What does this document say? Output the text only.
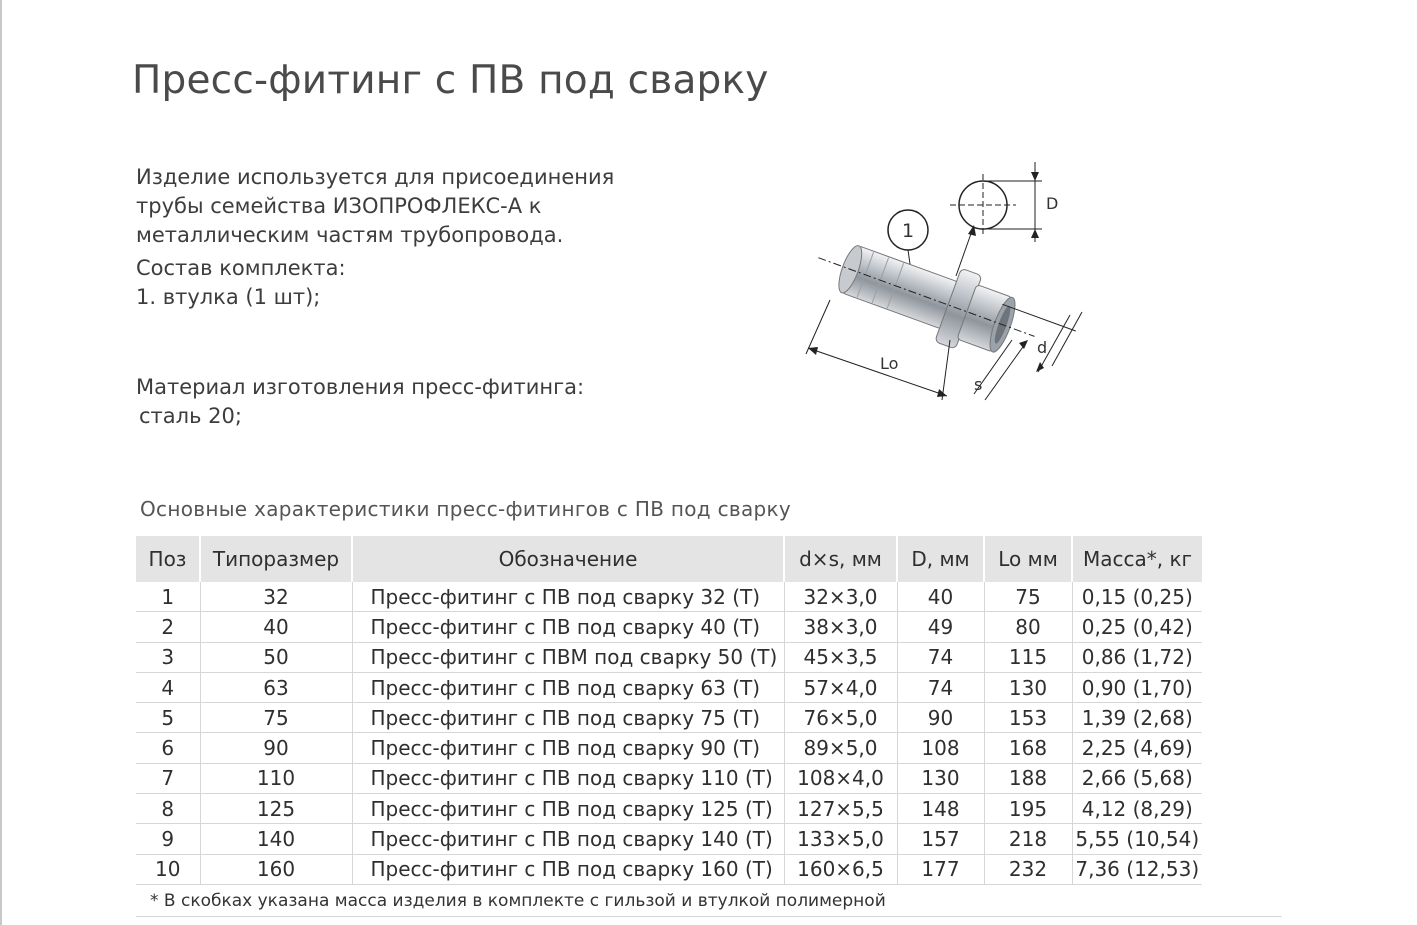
Пресс-фитинг с ПВ под сварку
Изделие используется для присоединения
трубы семейства ИЗОПРОФЛЕКС-А к
металлическим частям трубопровода.
Состав комплекта:
1. втулка (1 шт);
Материал изготовления пресс-фитинга:
сталь 20;
D
1
Lo
d
s
Основные характеристики пресс-фитингов с ПВ под сварку
Поз	Типоразмер	Обозначение	d×s, мм	D, мм	Lo мм	Масса*, кг
1	32	Пресс-фитинг с ПВ под сварку 32 (Т)	32×3,0	40	75	0,15 (0,25)
2	40	Пресс-фитинг с ПВ под сварку 40 (Т)	38×3,0	49	80	0,25 (0,42)
3	50	Пресс-фитинг с ПВМ под сварку 50 (Т)	45×3,5	74	115	0,86 (1,72)
4	63	Пресс-фитинг с ПВ под сварку 63 (Т)	57×4,0	74	130	0,90 (1,70)
5	75	Пресс-фитинг с ПВ под сварку 75 (Т)	76×5,0	90	153	1,39 (2,68)
6	90	Пресс-фитинг с ПВ под сварку 90 (Т)	89×5,0	108	168	2,25 (4,69)
7	110	Пресс-фитинг с ПВ под сварку 110 (Т)	108×4,0	130	188	2,66 (5,68)
8	125	Пресс-фитинг с ПВ под сварку 125 (Т)	127×5,5	148	195	4,12 (8,29)
9	140	Пресс-фитинг с ПВ под сварку 140 (Т)	133×5,0	157	218	5,55 (10,54)
10	160	Пресс-фитинг с ПВ под сварку 160 (Т)	160×6,5	177	232	7,36 (12,53)
* В скобках указана масса изделия в комплекте с гильзой и втулкой полимерной
